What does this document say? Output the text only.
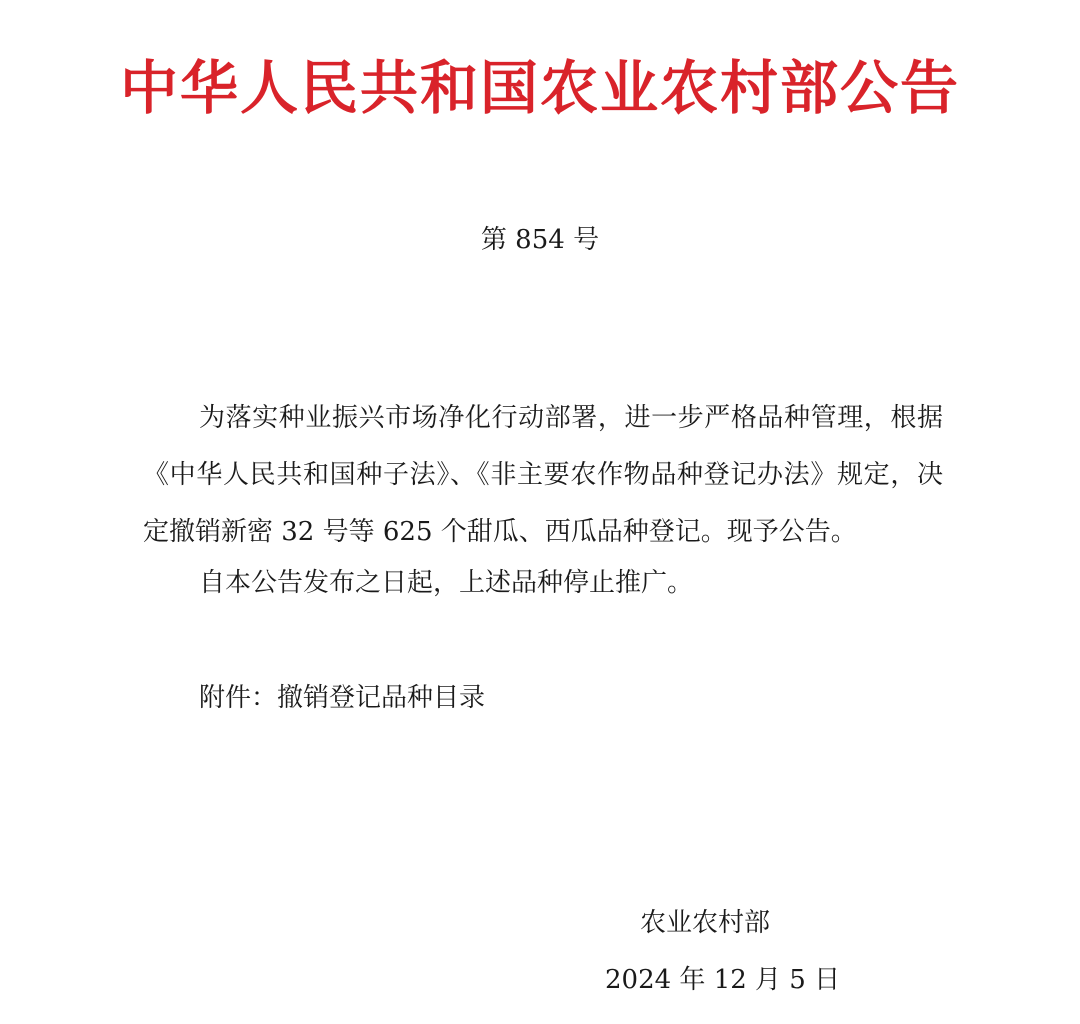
中华人民共和国农业农村部公告
第 854 号
为落实种业振兴市场净化行动部署，进一步严格品种管理，根据《中华人民共和国种子法》、《非主要农作物品种登记办法》规定，决定撤销新密 32 号等 625 个甜瓜、西瓜品种登记。现予公告。
自本公告发布之日起，上述品种停止推广。
附件：撤销登记品种目录
农业农村部
2024 年 12 月 5 日
